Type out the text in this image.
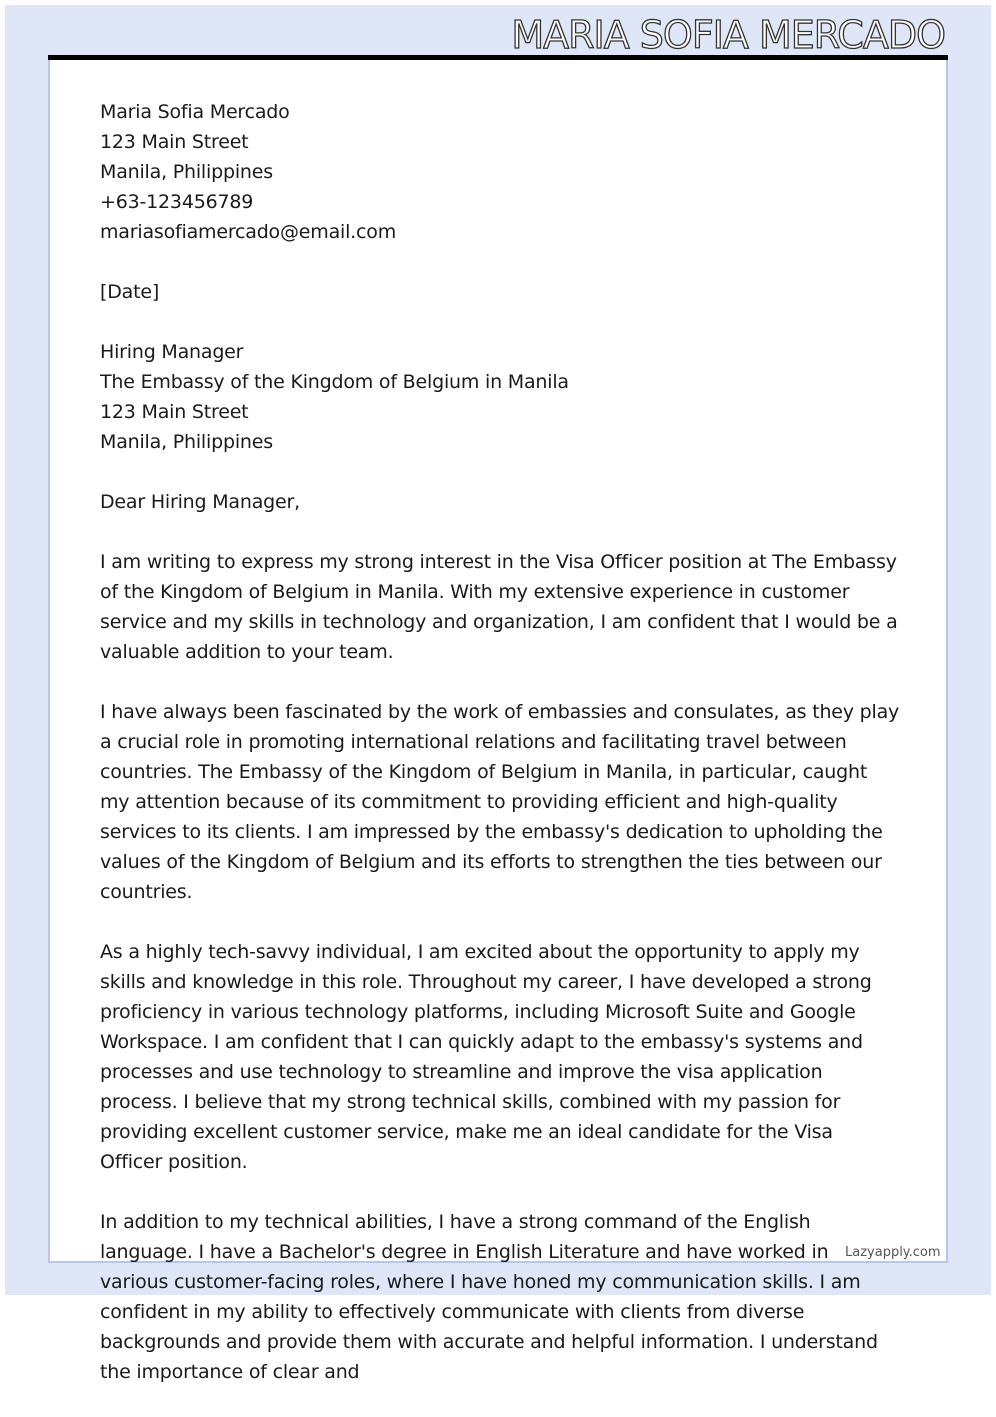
MARIA SOFIA MERCADO
Maria Sofia Mercado
123 Main Street
Manila, Philippines
+63-123456789
mariasofiamercado@email.com
[Date]
Hiring Manager
The Embassy of the Kingdom of Belgium in Manila
123 Main Street
Manila, Philippines
Dear Hiring Manager,

I am writing to express my strong interest in the Visa Officer position at The Embassy of the Kingdom of Belgium in Manila. With my extensive experience in customer service and my skills in technology and organization, I am confident that I would be a valuable addition to your team.

I have always been fascinated by the work of embassies and consulates, as they play a crucial role in promoting international relations and facilitating travel between countries. The Embassy of the Kingdom of Belgium in Manila, in particular, caught my attention because of its commitment to providing efficient and high-quality services to its clients. I am impressed by the embassy's dedication to upholding the values of the Kingdom of Belgium and its efforts to strengthen the ties between our countries.

As a highly tech-savvy individual, I am excited about the opportunity to apply my skills and knowledge in this role. Throughout my career, I have developed a strong proficiency in various technology platforms, including Microsoft Suite and Google Workspace. I am confident that I can quickly adapt to the embassy's systems and processes and use technology to streamline and improve the visa application process. I believe that my strong technical skills, combined with my passion for providing excellent customer service, make me an ideal candidate for the Visa Officer position.

In addition to my technical abilities, I have a strong command of the English language. I have a Bachelor's degree in English Literature and have worked in various customer-facing roles, where I have honed my communication skills. I am confident in my ability to effectively communicate with clients from diverse backgrounds and provide them with accurate and helpful information. I understand the importance of clear and

Lazyapply.com
